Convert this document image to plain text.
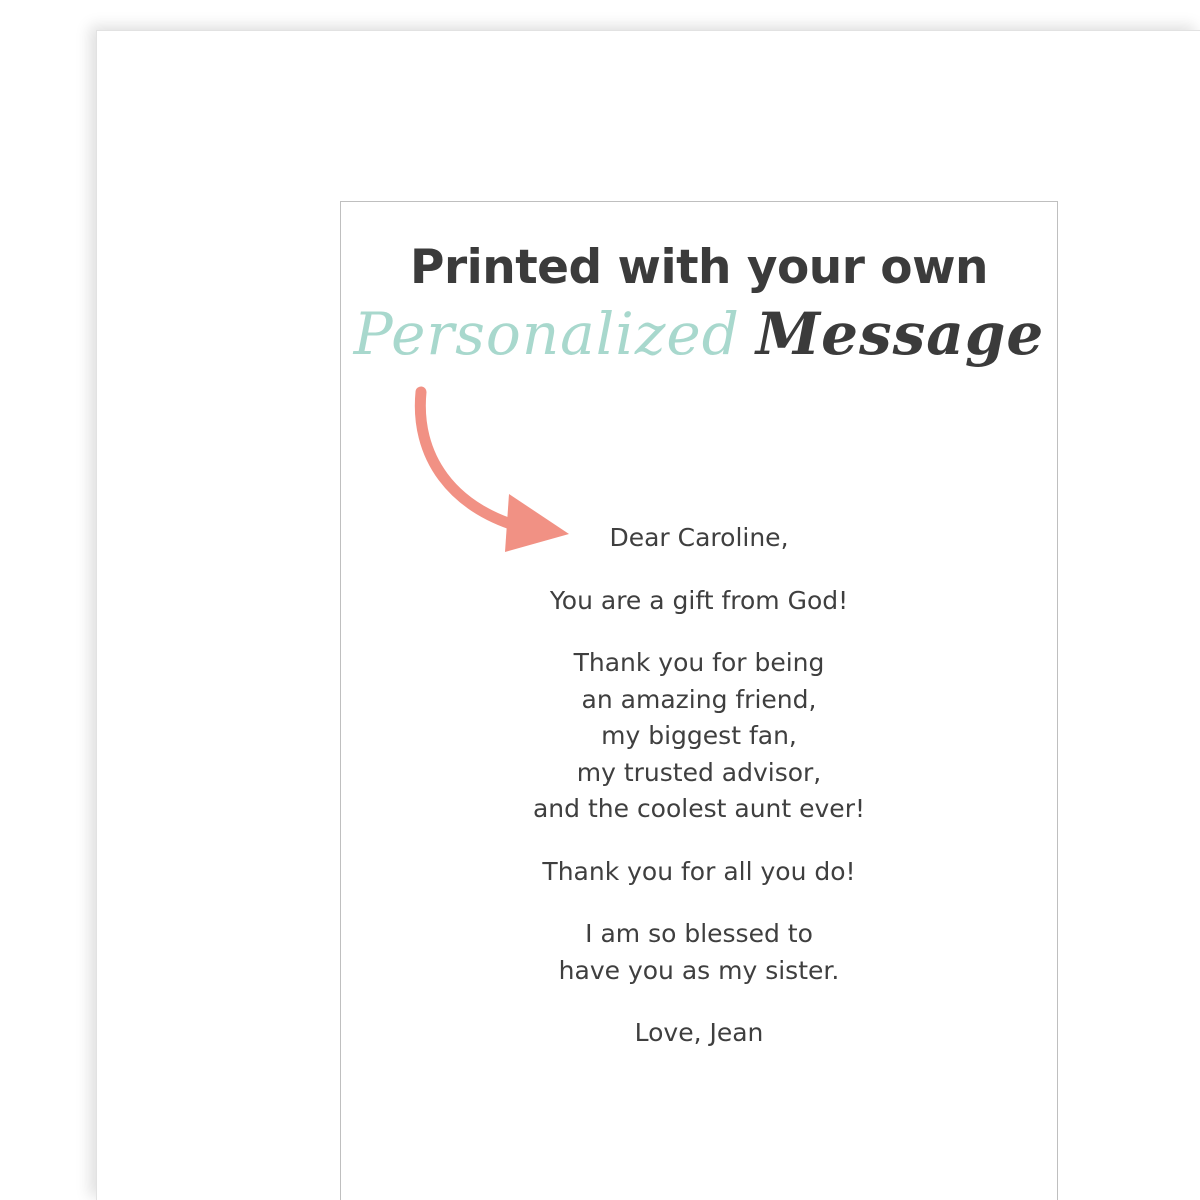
Printed with your own
Personalized Message

Dear Caroline,

You are a gift from God!

Thank you for being
an amazing friend,
my biggest fan,
my trusted advisor,
and the coolest aunt ever!

Thank you for all you do!

I am so blessed to
have you as my sister.

Love, Jean
